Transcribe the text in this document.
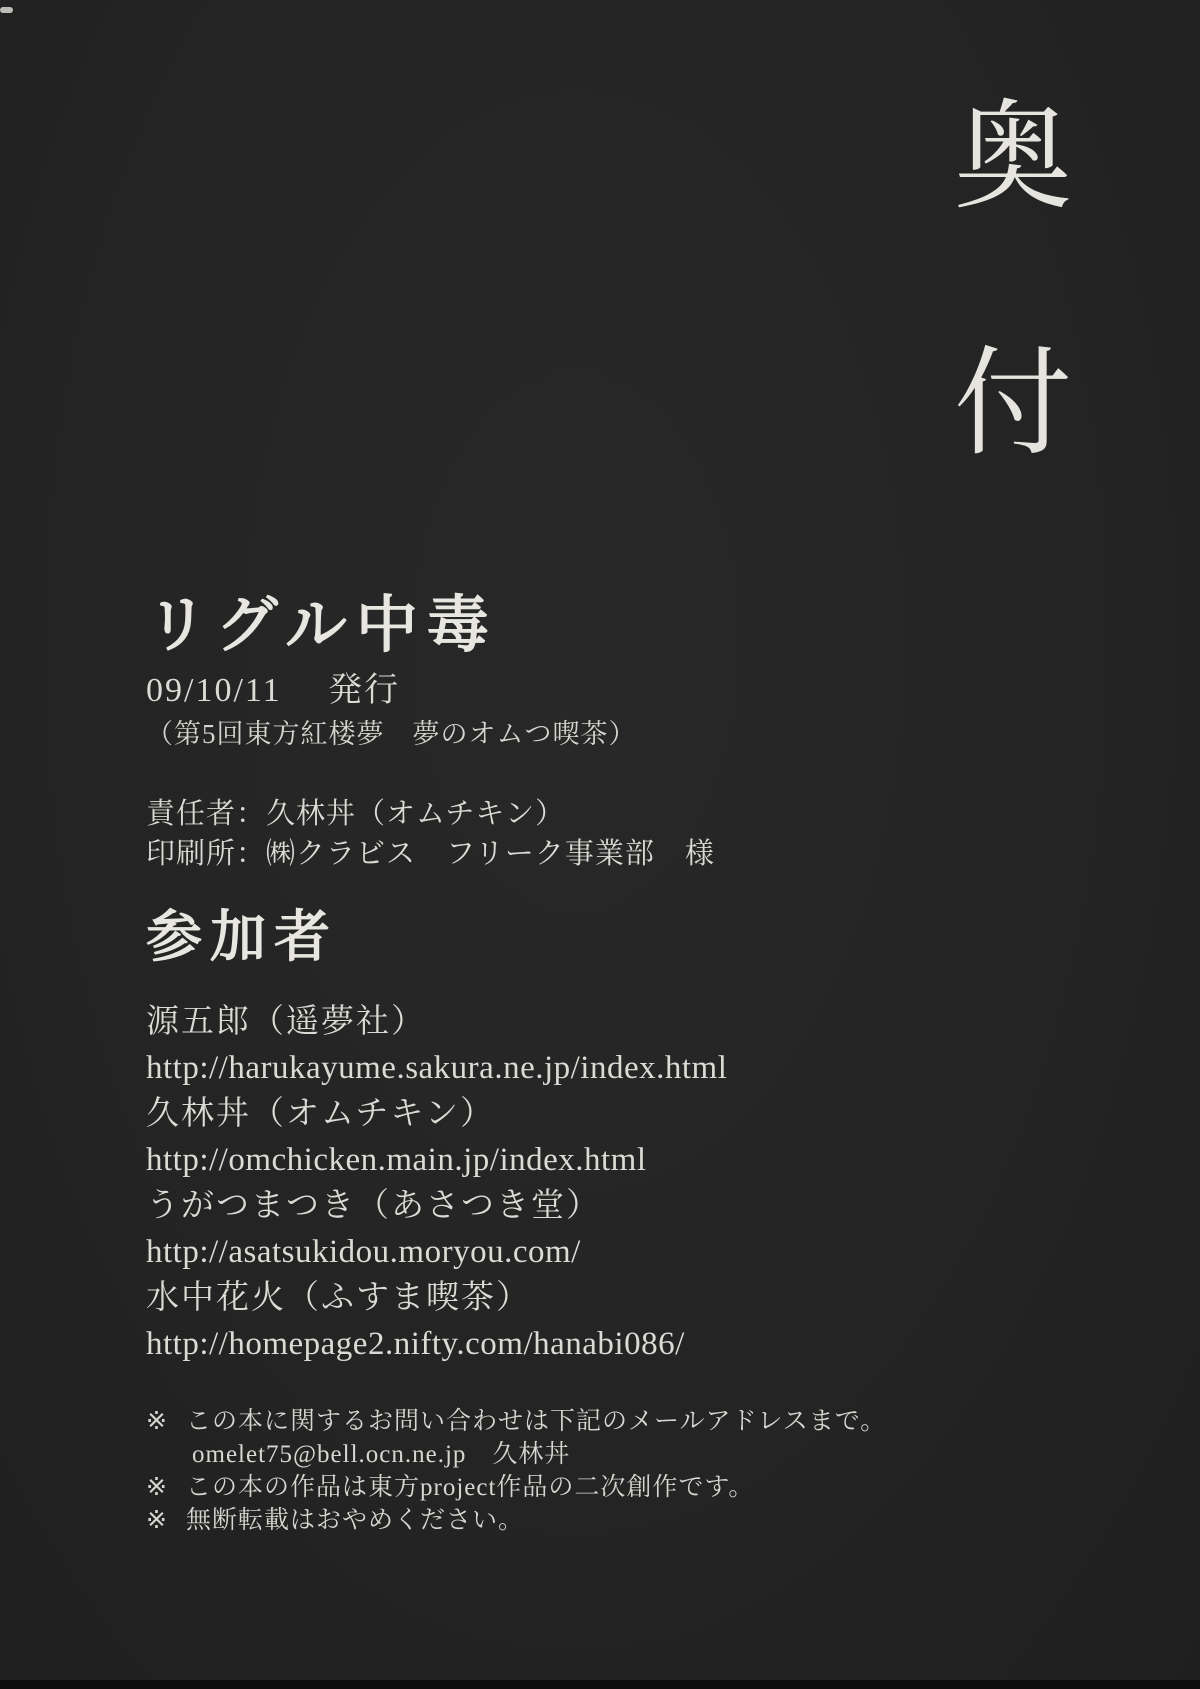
奥
付
リグル中毒
09/10/11　 発行
（第5回東方紅楼夢　夢のオムつ喫茶）
責任者：久林丼（オムチキン）
印刷所：㈱クラビス　フリーク事業部　様
参加者
源五郎（遥夢社）
http://harukayume.sakura.ne.jp/index.html
久林丼（オムチキン）
http://omchicken.main.jp/index.html
うがつまつき（あさつき堂）
http://asatsukidou.moryou.com/
水中花火（ふすま喫茶）
http://homepage2.nifty.com/hanabi086/
※ この本に関するお問い合わせは下記のメールアドレスまで。
omelet75@bell.ocn.ne.jp　久林丼
※ この本の作品は東方project作品の二次創作です。
※ 無断転載はおやめください。
